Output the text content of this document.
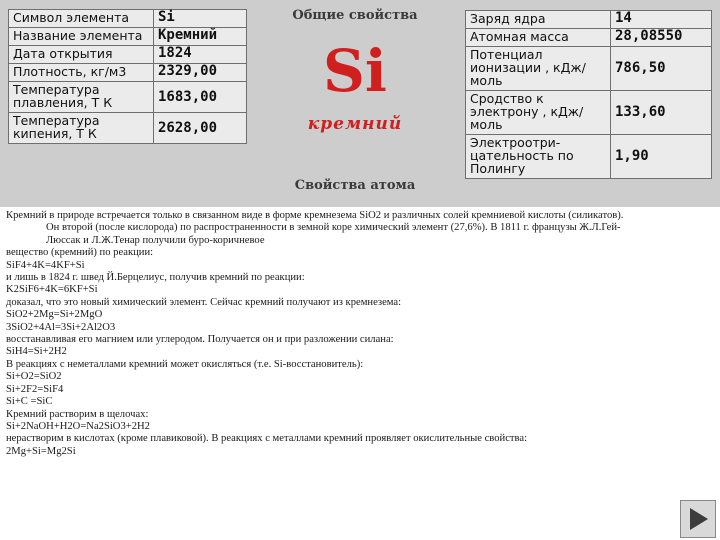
Символ элемента	Si
Название элемента	Кремний
Дата открытия	1824
Плотность, кг/м3	2329,00
Температура плавления, Т К	1683,00
Температура кипения, Т К	2628,00
Общие свойства
Si
кремний
Свойства атома
Заряд ядра	14
Атомная масса	28,08550
Потенциал ионизации , кДж/моль	786,50
Сродство к электрону , кДж/моль	133,60
Электроотри- цательность по Полингу	1,90

Кремний в природе встречается только в связанном виде в форме кремнезема SiO2 и различных солей кремниевой кислоты (силикатов).

Он второй (после кислорода) по распространенности в земной коре химический элемент (27,6%). В 1811 г. французы Ж.Л.Гей-

Люссак и Л.Ж.Тенар получили буро-коричневое

вещество (кремний) по реакции:

SiF4+4K=4KF+Si

и лишь в 1824 г. швед Й.Берцелиус, получив кремний по реакции:

K2SiF6+4K=6KF+Si

доказал, что это новый химический элемент. Сейчас кремний получают из кремнезема:

SiO2+2Mg=Si+2MgO

3SiO2+4Al=3Si+2Al2O3

восстанавливая его магнием или углеродом. Получается он и при разложении силана:

SiH4=Si+2H2

В реакциях с неметаллами кремний может окисляться (т.е. Si-восстановитель):

Si+O2=SiO2

Si+2F2=SiF4

Si+C =SiC

Кремний растворим в щелочах:

Si+2NaOH+H2O=Na2SiO3+2H2

нерастворим в кислотах (кроме плавиковой). В реакциях с металлами кремний проявляет окислительные свойства:

2Mg+Si=Mg2Si
